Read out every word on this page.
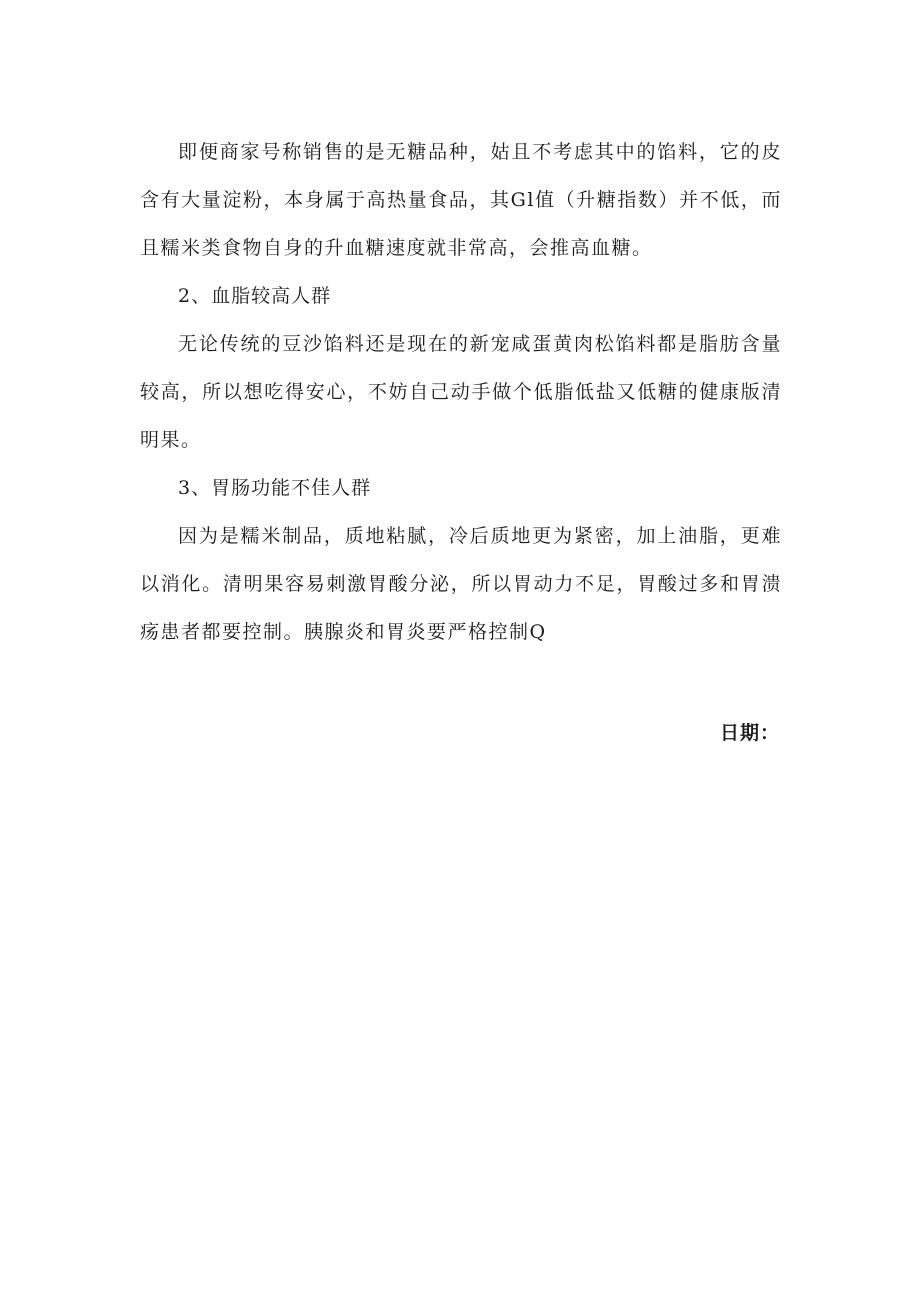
即便商家号称销售的是无糖品种，姑且不考虑其中的馅料，它的皮含有大量淀粉，本身属于高热量食品，其Gl值（升糖指数）并不低，而且糯米类食物自身的升血糖速度就非常高，会推高血糖。

2、血脂较高人群

无论传统的豆沙馅料还是现在的新宠咸蛋黄肉松馅料都是脂肪含量较高，所以想吃得安心，不妨自己动手做个低脂低盐又低糖的健康版清明果。

3、胃肠功能不佳人群

因为是糯米制品，质地粘腻，冷后质地更为紧密，加上油脂，更难以消化。清明果容易刺激胃酸分泌，所以胃动力不足，胃酸过多和胃溃疡患者都要控制。胰腺炎和胃炎要严格控制Q

日期：
